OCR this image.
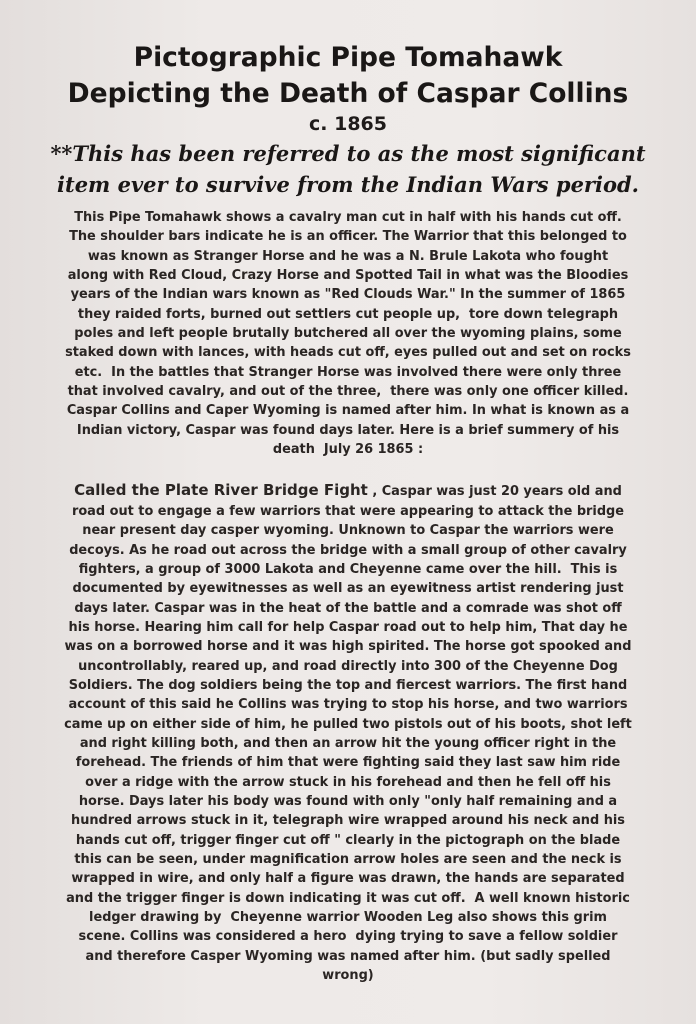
Pictographic Pipe Tomahawk
Depicting the Death of Caspar Collins
c. 1865
**This has been referred to as the most significant
item ever to survive from the Indian Wars period.
This Pipe Tomahawk shows a cavalry man cut in half with his hands cut off.
The shoulder bars indicate he is an officer. The Warrior that this belonged to
was known as Stranger Horse and he was a N. Brule Lakota who fought
along with Red Cloud, Crazy Horse and Spotted Tail in what was the Bloodies
years of the Indian wars known as "Red Clouds War." In the summer of 1865
they raided forts, burned out settlers cut people up,  tore down telegraph
poles and left people brutally butchered all over the wyoming plains, some
staked down with lances, with heads cut off, eyes pulled out and set on rocks
etc.  In the battles that Stranger Horse was involved there were only three
that involved cavalry, and out of the three,  there was only one officer killed.
Caspar Collins and Caper Wyoming is named after him. In what is known as a
Indian victory, Caspar was found days later. Here is a brief summery of his
death  July 26 1865 :
Called the Plate River Bridge Fight , Caspar was just 20 years old and
road out to engage a few warriors that were appearing to attack the bridge
near present day casper wyoming. Unknown to Caspar the warriors were
decoys. As he road out across the bridge with a small group of other cavalry
fighters, a group of 3000 Lakota and Cheyenne came over the hill.  This is
documented by eyewitnesses as well as an eyewitness artist rendering just
days later. Caspar was in the heat of the battle and a comrade was shot off
his horse. Hearing him call for help Caspar road out to help him, That day he
was on a borrowed horse and it was high spirited. The horse got spooked and
uncontrollably, reared up, and road directly into 300 of the Cheyenne Dog
Soldiers. The dog soldiers being the top and fiercest warriors. The first hand
account of this said he Collins was trying to stop his horse, and two warriors
came up on either side of him, he pulled two pistols out of his boots, shot left
and right killing both, and then an arrow hit the young officer right in the
forehead. The friends of him that were fighting said they last saw him ride
over a ridge with the arrow stuck in his forehead and then he fell off his
horse. Days later his body was found with only "only half remaining and a
hundred arrows stuck in it, telegraph wire wrapped around his neck and his
hands cut off, trigger finger cut off " clearly in the pictograph on the blade
this can be seen, under magnification arrow holes are seen and the neck is
wrapped in wire, and only half a figure was drawn, the hands are separated
and the trigger finger is down indicating it was cut off.  A well known historic
ledger drawing by  Cheyenne warrior Wooden Leg also shows this grim
scene. Collins was considered a hero  dying trying to save a fellow soldier
and therefore Casper Wyoming was named after him. (but sadly spelled
wrong)
